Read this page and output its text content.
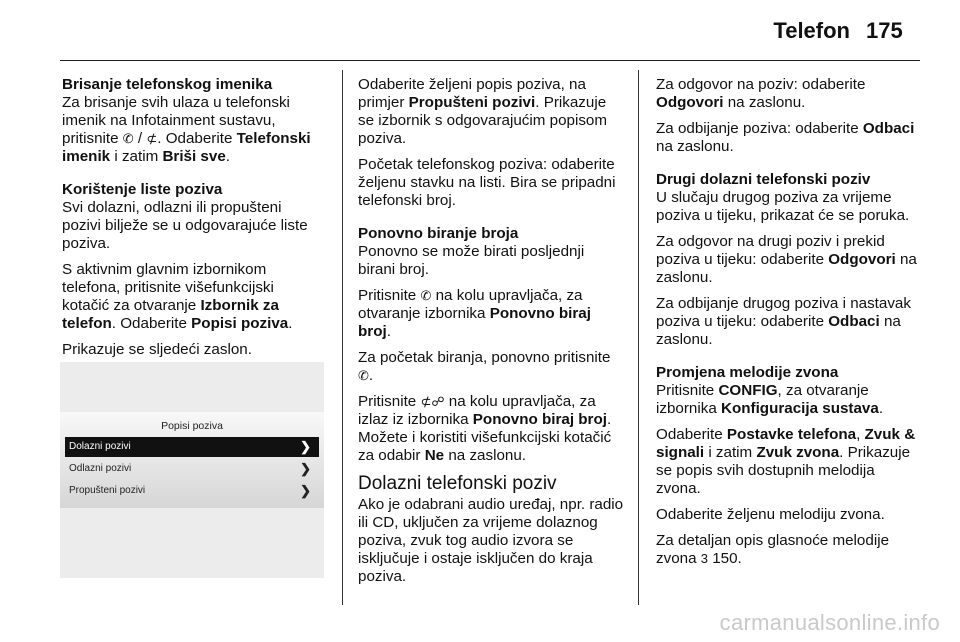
Telefon 175

Brisanje telefonskog imenika

Za brisanje svih ulaza u telefonski imenik na Infotainment sustavu, pritisnite ✆ / ⊄. Odaberite Telefonski imenik i zatim Briši sve.

Korištenje liste poziva

Svi dolazni, odlazni ili propušteni pozivi bilježe se u odgovarajuće liste poziva.

S aktivnim glavnim izbornikom telefona, pritisnite višefunkcijski kotačić za otvaranje Izbornik za telefon. Odaberite Popisi poziva.

Prikazuje se sljedeći zaslon.

Popisi poziva
Dolazni pozivi	❯
Odlazni pozivi	❯
Propušteni pozivi	❯

Odaberite željeni popis poziva, na primjer Propušteni pozivi. Prikazuje se izbornik s odgovarajućim popisom poziva.

Početak telefonskog poziva: odaberite željenu stavku na listi. Bira se pripadni telefonski broj.

Ponovno biranje broja

Ponovno se može birati posljednji birani broj.

Pritisnite ✆ na kolu upravljača, za otvaranje izbornika Ponovno biraj broj.

Za početak biranja, ponovno pritisnite ✆.

Pritisnite ⊄☍ na kolu upravljača, za izlaz iz izbornika Ponovno biraj broj. Možete i koristiti višefunkcijski kotačić za odabir Ne na zaslonu.

Dolazni telefonski poziv

Ako je odabrani audio uređaj, npr. radio ili CD, uključen za vrijeme dolaznog poziva, zvuk tog audio izvora se isključuje i ostaje isključen do kraja poziva.

Za odgovor na poziv: odaberite Odgovori na zaslonu.

Za odbijanje poziva: odaberite Odbaci na zaslonu.

Drugi dolazni telefonski poziv

U slučaju drugog poziva za vrijeme poziva u tijeku, prikazat će se poruka.

Za odgovor na drugi poziv i prekid poziva u tijeku: odaberite Odgovori na zaslonu.

Za odbijanje drugog poziva i nastavak poziva u tijeku: odaberite Odbaci na zaslonu.

Promjena melodije zvona

Pritisnite CONFIG, za otvaranje izbornika Konfiguracija sustava.

Odaberite Postavke telefona, Zvuk & signali i zatim Zvuk zvona. Prikazuje se popis svih dostupnih melodija zvona.

Odaberite željenu melodiju zvona.

Za detaljan opis glasnoće melodije zvona 3 150.

carmanualsonline.info
